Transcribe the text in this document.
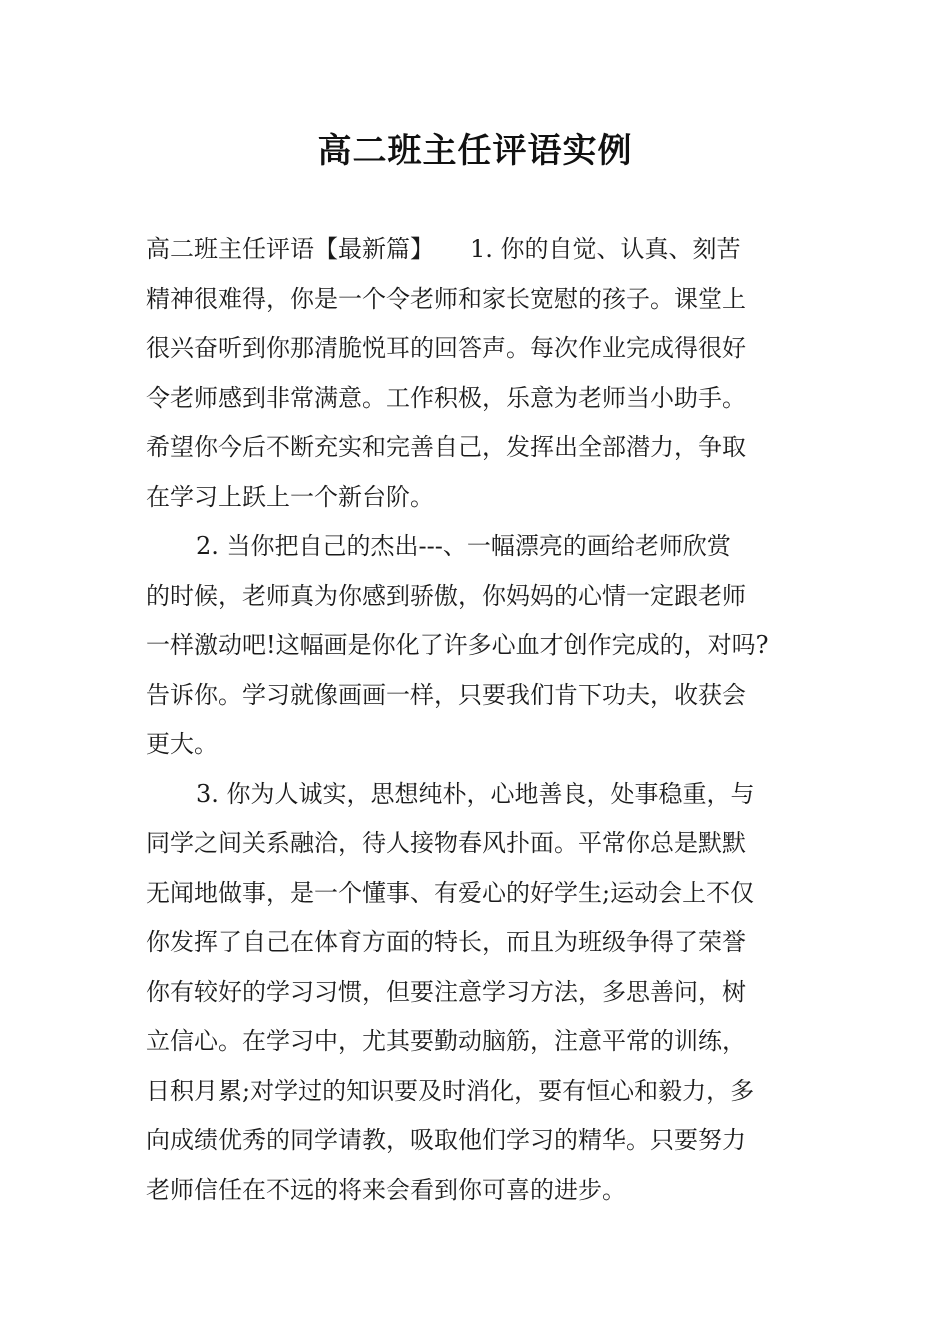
高二班主任评语实例
高二班主任评语【最新篇】　　1. 你的自觉、认真、刻苦
精神很难得，你是一个令老师和家长宽慰的孩子。课堂上
很兴奋听到你那清脆悦耳的回答声。每次作业完成得很好
令老师感到非常满意。工作积极，乐意为老师当小助手。
希望你今后不断充实和完善自己，发挥出全部潜力，争取
在学习上跃上一个新台阶。
2. 当你把自己的杰出---、一幅漂亮的画给老师欣赏
的时候，老师真为你感到骄傲，你妈妈的心情一定跟老师
一样激动吧!这幅画是你化了许多心血才创作完成的，对吗?
告诉你。学习就像画画一样，只要我们肯下功夫，收获会
更大。
3. 你为人诚实，思想纯朴，心地善良，处事稳重，与
同学之间关系融洽，待人接物春风扑面。平常你总是默默
无闻地做事，是一个懂事、有爱心的好学生;运动会上不仅
你发挥了自己在体育方面的特长，而且为班级争得了荣誉
你有较好的学习习惯，但要注意学习方法，多思善问，树
立信心。在学习中，尤其要勤动脑筋，注意平常的训练，
日积月累;对学过的知识要及时消化，要有恒心和毅力，多
向成绩优秀的同学请教，吸取他们学习的精华。只要努力
老师信任在不远的将来会看到你可喜的进步。
